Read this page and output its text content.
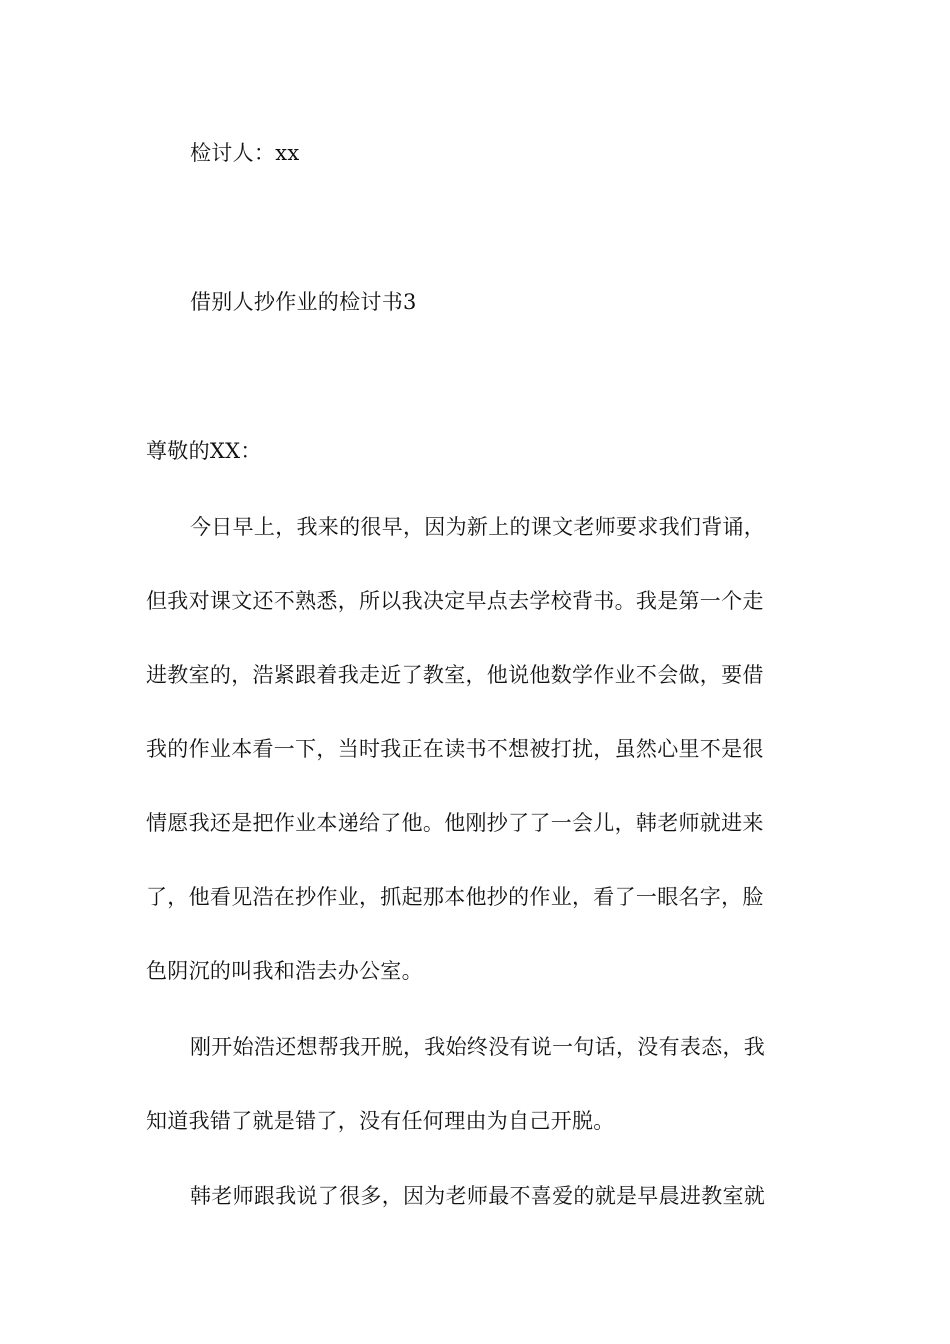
检讨人：xx
借别人抄作业的检讨书3
尊敬的XX：
今日早上，我来的很早，因为新上的课文老师要求我们背诵，
但我对课文还不熟悉，所以我决定早点去学校背书。我是第一个走
进教室的，浩紧跟着我走近了教室，他说他数学作业不会做，要借
我的作业本看一下，当时我正在读书不想被打扰，虽然心里不是很
情愿我还是把作业本递给了他。他刚抄了了一会儿，韩老师就进来
了，他看见浩在抄作业，抓起那本他抄的作业，看了一眼名字，脸
色阴沉的叫我和浩去办公室。
刚开始浩还想帮我开脱，我始终没有说一句话，没有表态，我
知道我错了就是错了，没有任何理由为自己开脱。
韩老师跟我说了很多，因为老师最不喜爱的就是早晨进教室就
